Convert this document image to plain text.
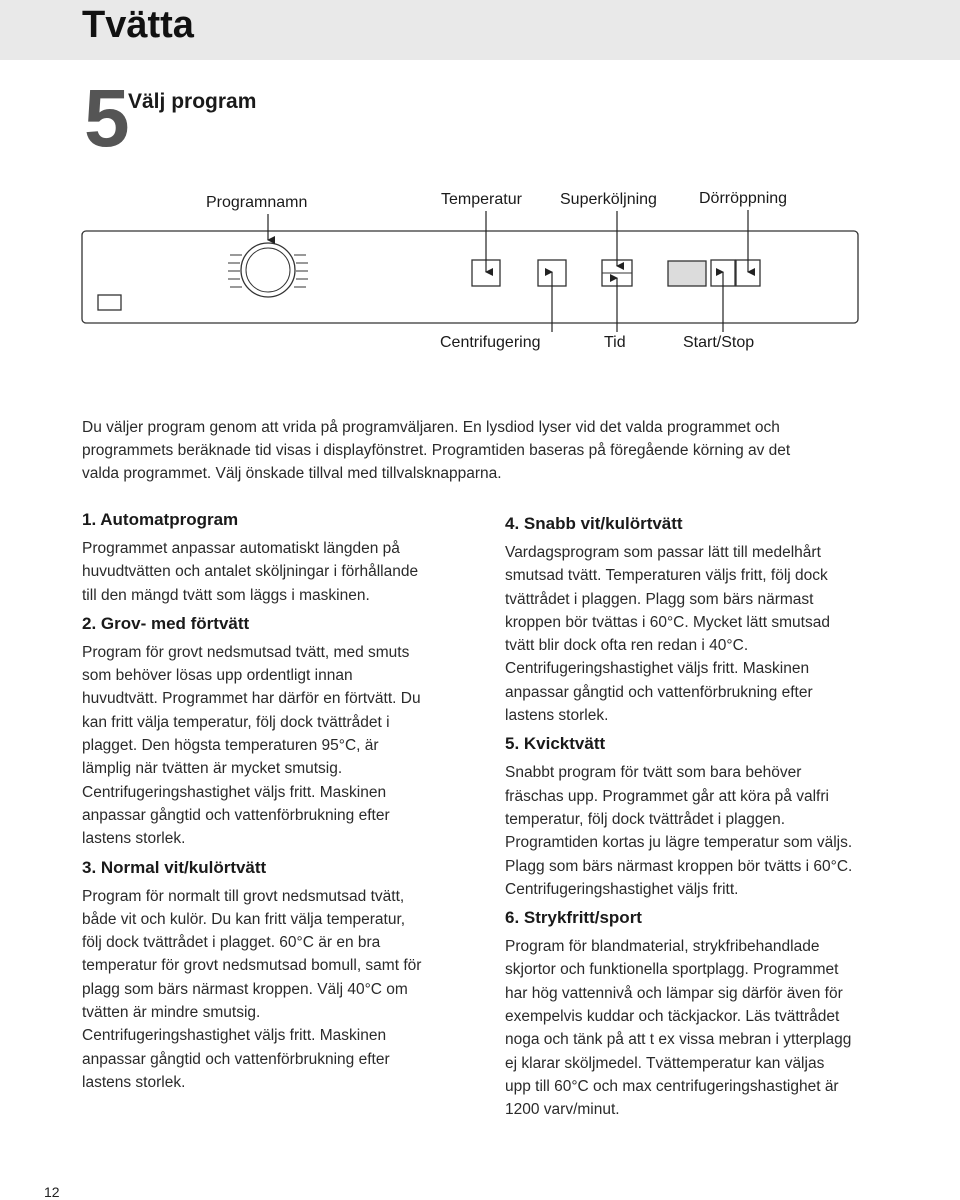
Tvätta
5
Välj program
Programnamn	Temperatur Superköljning	Dörröppning
Centrifugering	Tid	Start/Stop

Du väljer program genom att vrida på programväljaren. En lysdiod lyser vid det valda programmet och
programmets beräknade tid visas i displayfönstret. Programtiden baseras på föregående körning av det
valda programmet. Välj önskade tillval med tillvalsknapparna.

1. Automatprogram

Programmet anpassar automatiskt längden på
huvudtvätten och antalet sköljningar i förhållande
till den mängd tvätt som läggs i maskinen.

2. Grov- med förtvätt

Program för grovt nedsmutsad tvätt, med smuts
som behöver lösas upp ordentligt innan
huvudtvätt. Programmet har därför en förtvätt. Du
kan fritt välja temperatur, följ dock tvättrådet i
plagget. Den högsta temperaturen 95°C, är
lämplig när tvätten är mycket smutsig.
Centrifugeringshastighet väljs fritt. Maskinen
anpassar gångtid och vattenförbrukning efter
lastens storlek.

3. Normal vit/kulörtvätt

Program för normalt till grovt nedsmutsad tvätt,
både vit och kulör. Du kan fritt välja temperatur,
följ dock tvättrådet i plagget. 60°C är en bra
temperatur för grovt nedsmutsad bomull, samt för
plagg som bärs närmast kroppen. Välj 40°C om
tvätten är mindre smutsig.
Centrifugeringshastighet väljs fritt. Maskinen
anpassar gångtid och vattenförbrukning efter
lastens storlek.

4. Snabb vit/kulörtvätt

Vardagsprogram som passar lätt till medelhårt
smutsad tvätt. Temperaturen väljs fritt, följ dock
tvättrådet i plaggen. Plagg som bärs närmast
kroppen bör tvättas i 60°C. Mycket lätt smutsad
tvätt blir dock ofta ren redan i 40°C.
Centrifugeringshastighet väljs fritt. Maskinen
anpassar gångtid och vattenförbrukning efter
lastens storlek.

5. Kvicktvätt

Snabbt program för tvätt som bara behöver
fräschas upp. Programmet går att köra på valfri
temperatur, följ dock tvättrådet i plaggen.
Programtiden kortas ju lägre temperatur som väljs.
Plagg som bärs närmast kroppen bör tvätts i 60°C.
Centrifugeringshastighet väljs fritt.

6. Strykfritt/sport

Program för blandmaterial, strykfribehandlade
skjortor och funktionella sportplagg. Programmet
har hög vattennivå och lämpar sig därför även för
exempelvis kuddar och täckjackor. Läs tvättrådet
noga och tänk på att t ex vissa mebran i ytterplagg
ej klarar sköljmedel. Tvättemperatur kan väljas
upp till 60°C och max centrifugeringshastighet är
1200 varv/minut.

12
